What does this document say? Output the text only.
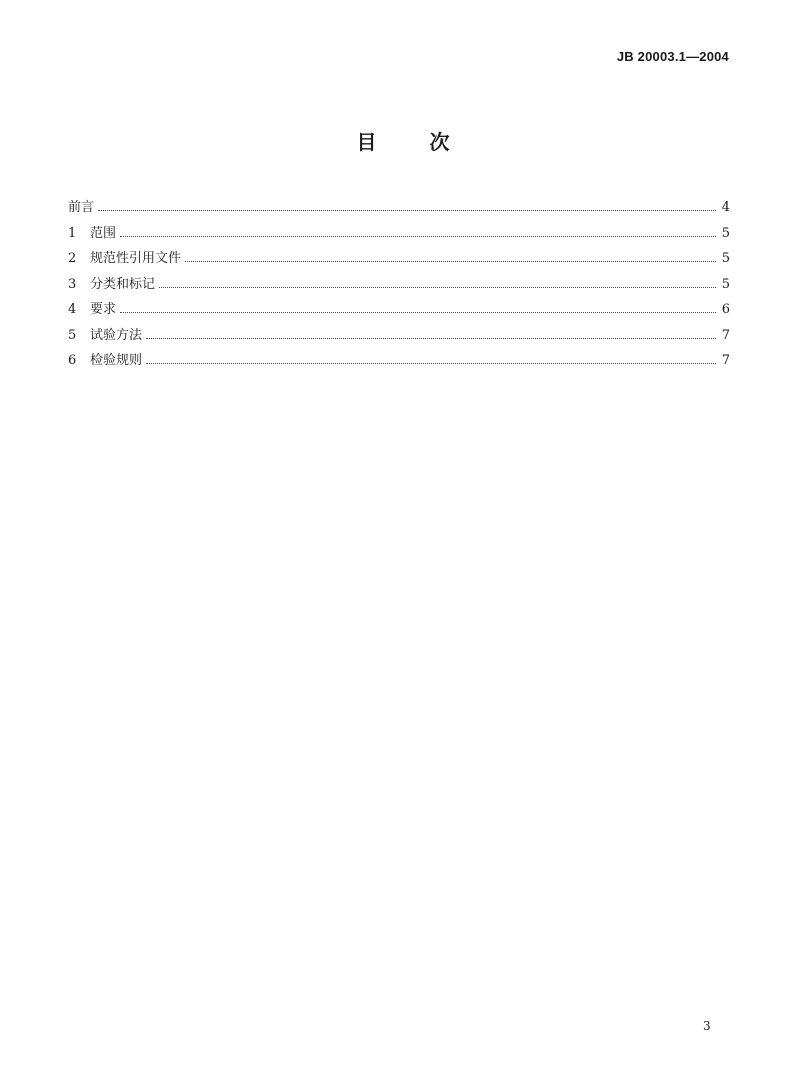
JB 20003.1—2004
目 次
前言	4
1	范围	5
2	规范性引用文件	5
3	分类和标记	5
4	要求	6
5	试验方法	7
6	检验规则	7
3
